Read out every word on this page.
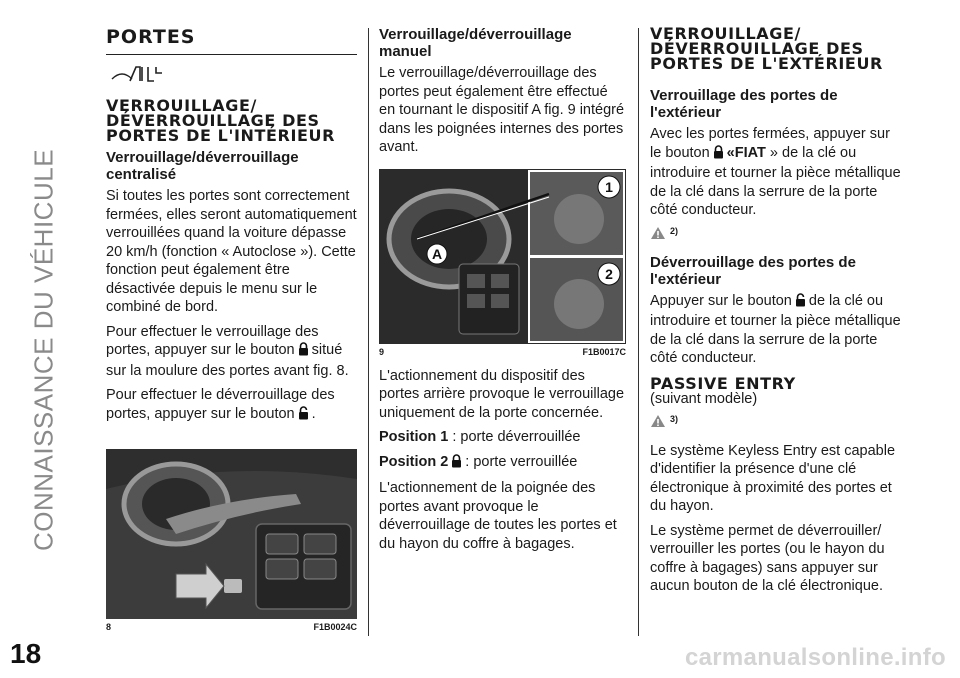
CONNAISSANCE DU VÉHICULE
18
PORTES
VERROUILLAGE/
DÉVERROUILLAGE DES
PORTES DE L'INTÉRIEUR
Verrouillage/déverrouillage centralisé

Si toutes les portes sont correctement fermées, elles seront automatiquement verrouillées quand la voiture dépasse 20 km/h (fonction « Autoclose »). Cette fonction peut également être désactivée depuis le menu sur le combiné de bord.

Pour effectuer le verrouillage des portes, appuyer sur le bouton situé sur la moulure des portes avant fig. 8.

Pour effectuer le déverrouillage des portes, appuyer sur le bouton .

8	F1B0024C
Verrouillage/déverrouillage manuel

Le verrouillage/déverrouillage des portes peut également être effectué en tournant le dispositif A fig. 9 intégré dans les poignées internes des portes avant.

A
1
2
9	F1B0017C

L'actionnement du dispositif des portes arrière provoque le verrouillage uniquement de la porte concernée.

Position 1 : porte déverrouillée

Position 2 : porte verrouillée

L'actionnement de la poignée des portes avant provoque le déverrouillage de toutes les portes et du hayon du coffre à bagages.

VERROUILLAGE/
DÉVERROUILLAGE DES
PORTES DE L'EXTÉRIEUR
Verrouillage des portes de l'extérieur

Avec les portes fermées, appuyer sur le bouton «FIAT » de la clé ou introduire et tourner la pièce métallique de la clé dans la serrure de la porte côté conducteur.

$^{2)}$
Déverrouillage des portes de l'extérieur

Appuyer sur le bouton de la clé ou introduire et tourner la pièce métallique de la clé dans la serrure de la porte côté conducteur.

PASSIVE ENTRY
(suivant modèle)
$^{3)}$

Le système Keyless Entry est capable d'identifier la présence d'une clé électronique à proximité des portes et du hayon.

Le système permet de déverrouiller/ verrouiller les portes (ou le hayon du coffre à bagages) sans appuyer sur aucun bouton de la clé électronique.

carmanualsonline.info
